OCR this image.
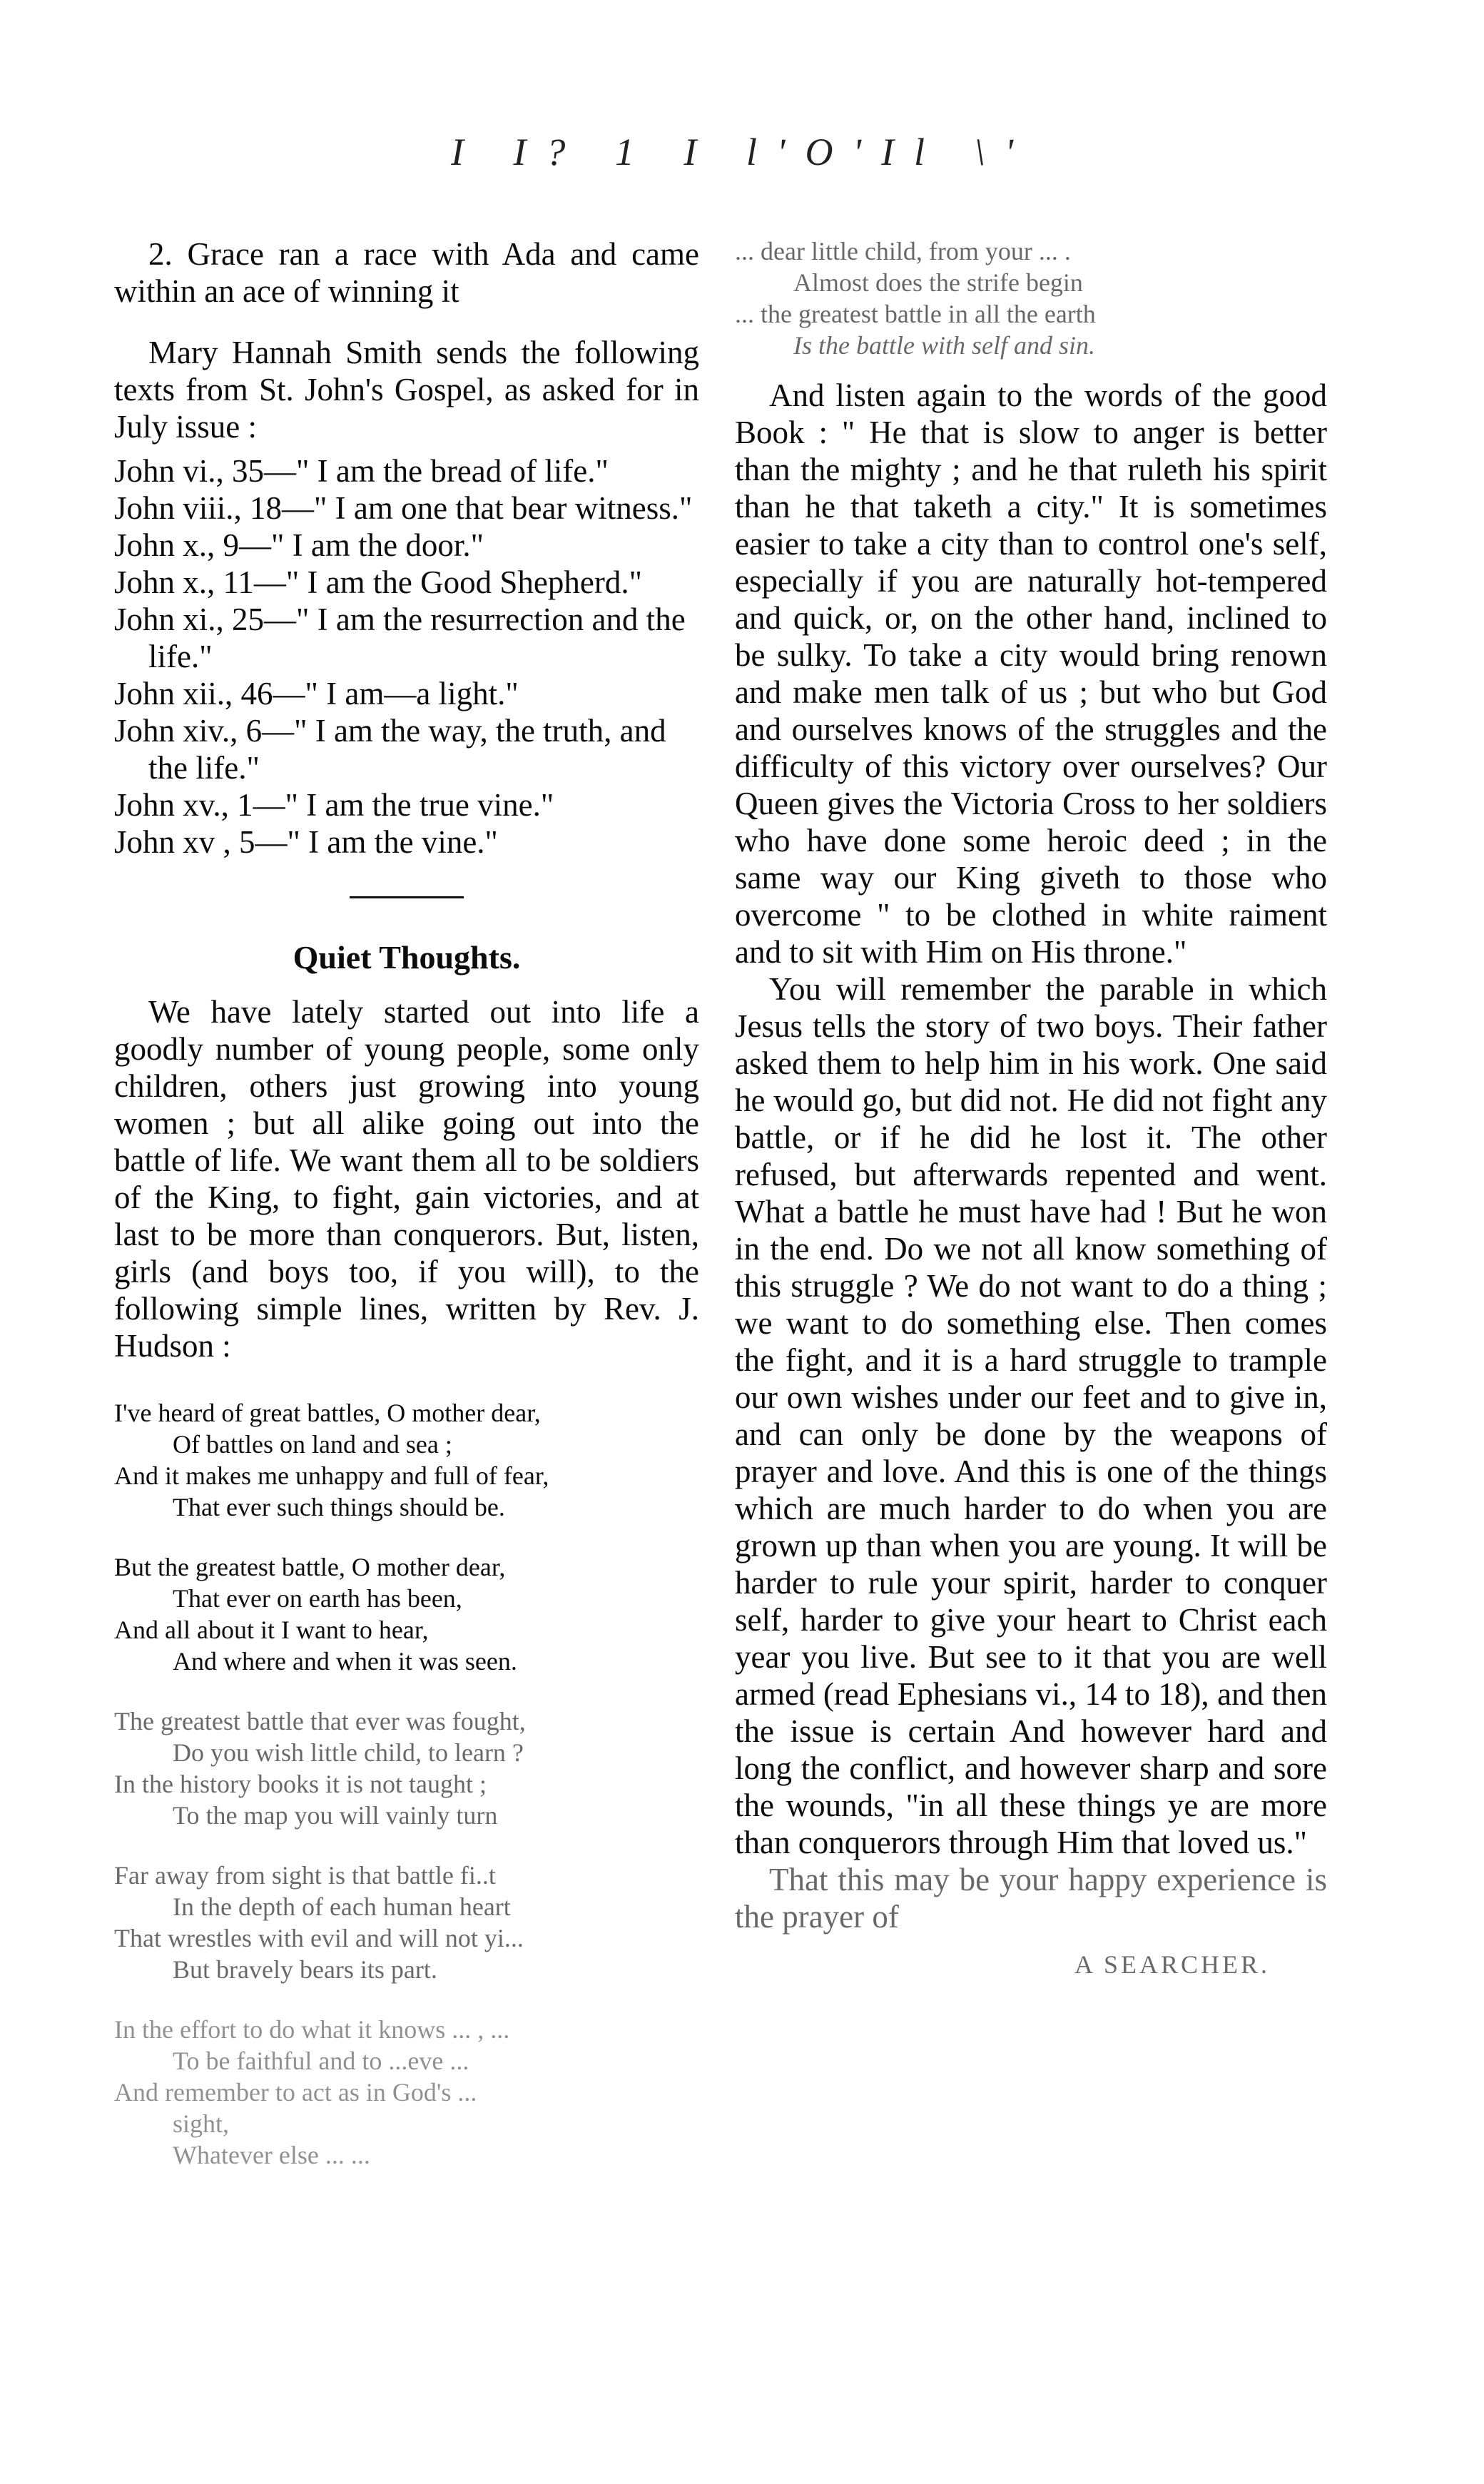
I I? 1 I l'O'Il \'

2. Grace ran a race with Ada and came within an ace of winning it

Mary Hannah Smith sends the following texts from St. John's Gospel, as asked for in July issue :

John vi., 35—" I am the bread of life."
John viii., 18—" I am one that bear witness."
John x., 9—" I am the door."
John x., 11—" I am the Good Shepherd."
John xi., 25—" I am the resurrection and the life."
John xii., 46—" I am—a light."
John xiv., 6—" I am the way, the truth, and the life."
John xv., 1—" I am the true vine."
John xv , 5—" I am the vine."
Quiet Thoughts.

We have lately started out into life a goodly number of young people, some only children, others just growing into young women ; but all alike going out into the battle of life. We want them all to be soldiers of the King, to fight, gain victories, and at last to be more than conquerors. But, listen, girls (and boys too, if you will), to the following simple lines, written by Rev. J. Hudson :

I've heard of great battles, O mother dear,
Of battles on land and sea ;
And it makes me unhappy and full of fear,
That ever such things should be.
But the greatest battle, O mother dear,
That ever on earth has been,
And all about it I want to hear,
And where and when it was seen.
The greatest battle that ever was fought,
Do you wish little child, to learn ?
In the history books it is not taught ;
To the map you will vainly turn
Far away from sight is that battle fi..t
In the depth of each human heart
That wrestles with evil and will not yi...
But bravely bears its part.
In the effort to do what it knows ... , ...
To be faithful and to ...eve ...
And remember to act as in God's ...
sight,
Whatever else ... ...
... dear little child, from your ... .
Almost does the strife begin
... the greatest battle in all the earth
Is the battle with self and sin.

And listen again to the words of the good Book : " He that is slow to anger is better than the mighty ; and he that ruleth his spirit than he that taketh a city." It is sometimes easier to take a city than to control one's self, especially if you are naturally hot-tempered and quick, or, on the other hand, inclined to be sulky. To take a city would bring renown and make men talk of us ; but who but God and ourselves knows of the struggles and the difficulty of this victory over ourselves? Our Queen gives the Victoria Cross to her soldiers who have done some heroic deed ; in the same way our King giveth to those who overcome " to be clothed in white raiment and to sit with Him on His throne."

You will remember the parable in which Jesus tells the story of two boys. Their father asked them to help him in his work. One said he would go, but did not. He did not fight any battle, or if he did he lost it. The other refused, but afterwards repented and went. What a battle he must have had ! But he won in the end. Do we not all know something of this struggle ? We do not want to do a thing ; we want to do something else. Then comes the fight, and it is a hard struggle to trample our own wishes under our feet and to give in, and can only be done by the weapons of prayer and love. And this is one of the things which are much harder to do when you are grown up than when you are young. It will be harder to rule your spirit, harder to conquer self, harder to give your heart to Christ each year you live. But see to it that you are well armed (read Ephesians vi., 14 to 18), and then the issue is certain And however hard and long the conflict, and however sharp and sore the wounds, "in all these things ye are more than conquerors through Him that loved us."

That this may be your happy experience is the prayer of

A SEARCHER.
